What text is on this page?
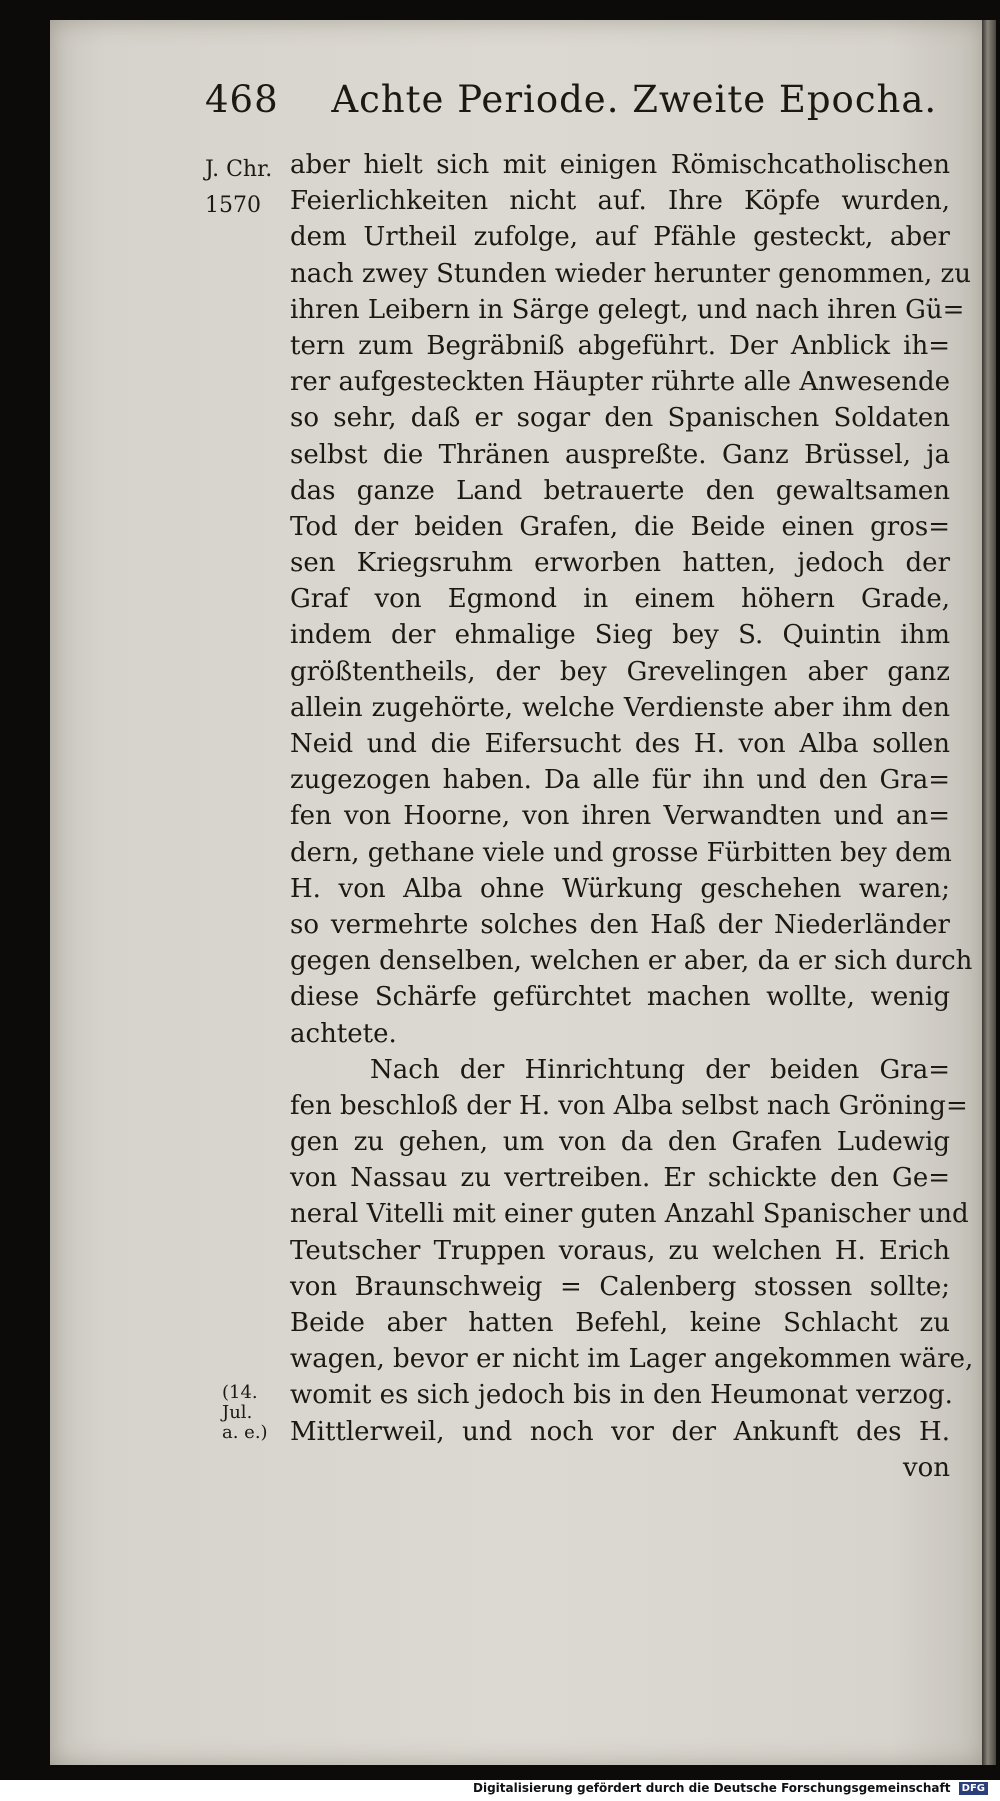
468 Achte Periode. Zweite Epocha.
J. Chr.
1570
(14.
Jul.
a. e.)
aber hielt sich mit einigen Römischcatholischen
Feierlichkeiten nicht auf. Ihre Köpfe wurden,
dem Urtheil zufolge, auf Pfähle gesteckt, aber
nach zwey Stunden wieder herunter genommen, zu
ihren Leibern in Särge gelegt, und nach ihren Gü=
tern zum Begräbniß abgeführt. Der Anblick ih=
rer aufgesteckten Häupter rührte alle Anwesende
so sehr, daß er sogar den Spanischen Soldaten
selbst die Thränen auspreßte. Ganz Brüssel, ja
das ganze Land betrauerte den gewaltsamen
Tod der beiden Grafen, die Beide einen gros=
sen Kriegsruhm erworben hatten, jedoch der
Graf von Egmond in einem höhern Grade,
indem der ehmalige Sieg bey S. Quintin ihm
größtentheils, der bey Grevelingen aber ganz
allein zugehörte, welche Verdienste aber ihm den
Neid und die Eifersucht des H. von Alba sollen
zugezogen haben. Da alle für ihn und den Gra=
fen von Hoorne, von ihren Verwandten und an=
dern, gethane viele und grosse Fürbitten bey dem
H. von Alba ohne Würkung geschehen waren;
so vermehrte solches den Haß der Niederländer
gegen denselben, welchen er aber, da er sich durch
diese Schärfe gefürchtet machen wollte, wenig
achtete.
Nach der Hinrichtung der beiden Gra=
fen beschloß der H. von Alba selbst nach Gröning=
gen zu gehen, um von da den Grafen Ludewig
von Nassau zu vertreiben. Er schickte den Ge=
neral Vitelli mit einer guten Anzahl Spanischer und
Teutscher Truppen voraus, zu welchen H. Erich
von Braunschweig = Calenberg stossen sollte;
Beide aber hatten Befehl, keine Schlacht zu
wagen, bevor er nicht im Lager angekommen wäre,
womit es sich jedoch bis in den Heumonat verzog.
Mittlerweil, und noch vor der Ankunft des H.
von
Digitalisierung gefördert durch die Deutsche Forschungsgemeinschaft DFG
